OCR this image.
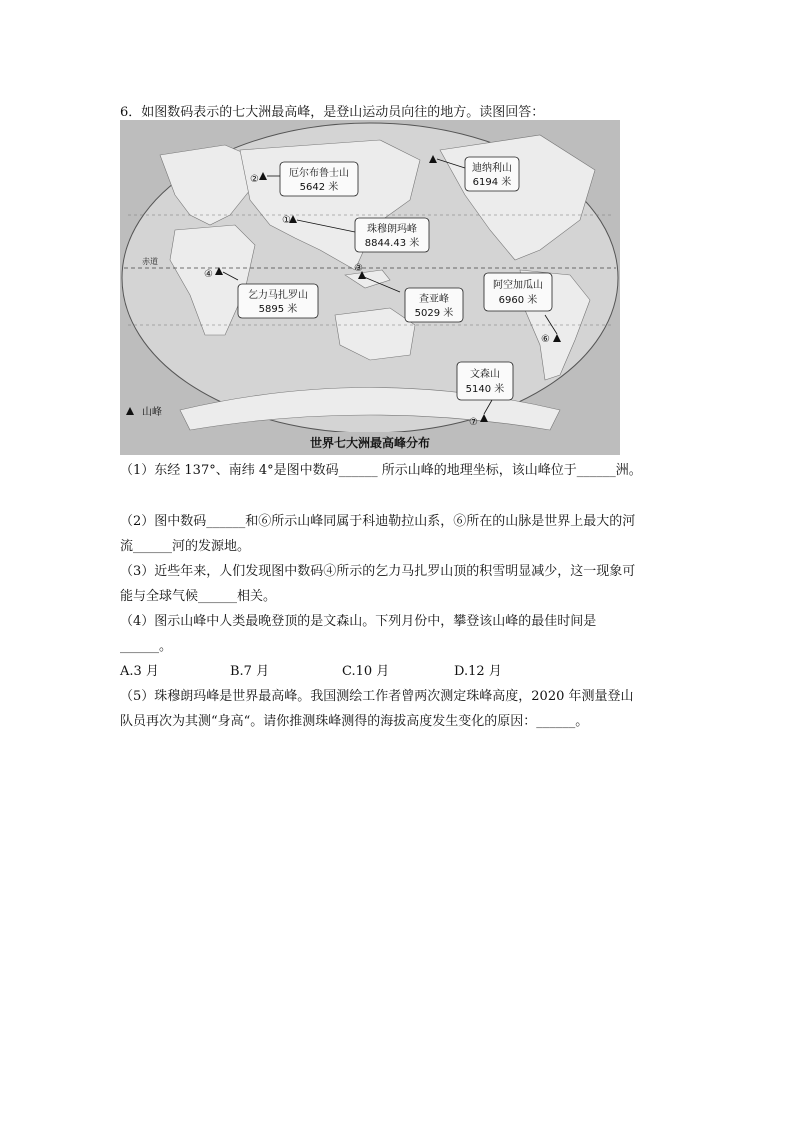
6．如图数码表示的七大洲最高峰，是登山运动员向往的地方。读图回答：
赤道
①
②
③
④
⑥
⑦
厄尔布鲁士山
5642 米
迪纳利山
6194 米
珠穆朗玛峰
8844.43 米
乞力马扎罗山
5895 米
查亚峰
5029 米
阿空加瓜山
6960 米
文森山
5140 米
山峰
世界七大洲最高峰分布
（1）东经 137°、南纬 4°是图中数码______ 所示山峰的地理坐标，该山峰位于______洲。
（2）图中数码______和⑥所示山峰同属于科迪勒拉山系，⑥所在的山脉是世界上最大的河
流______河的发源地。
（3）近些年来，人们发现图中数码④所示的乞力马扎罗山顶的积雪明显减少，这一现象可
能与全球气候______相关。
（4）图示山峰中人类最晚登顶的是文森山。下列月份中，攀登该山峰的最佳时间是
______。
A.3 月	B.7 月	C.10 月	D.12 月
（5）珠穆朗玛峰是世界最高峰。我国测绘工作者曾两次测定珠峰高度，2020 年测量登山
队员再次为其测“身高“。请你推测珠峰测得的海拔高度发生变化的原因：______。
